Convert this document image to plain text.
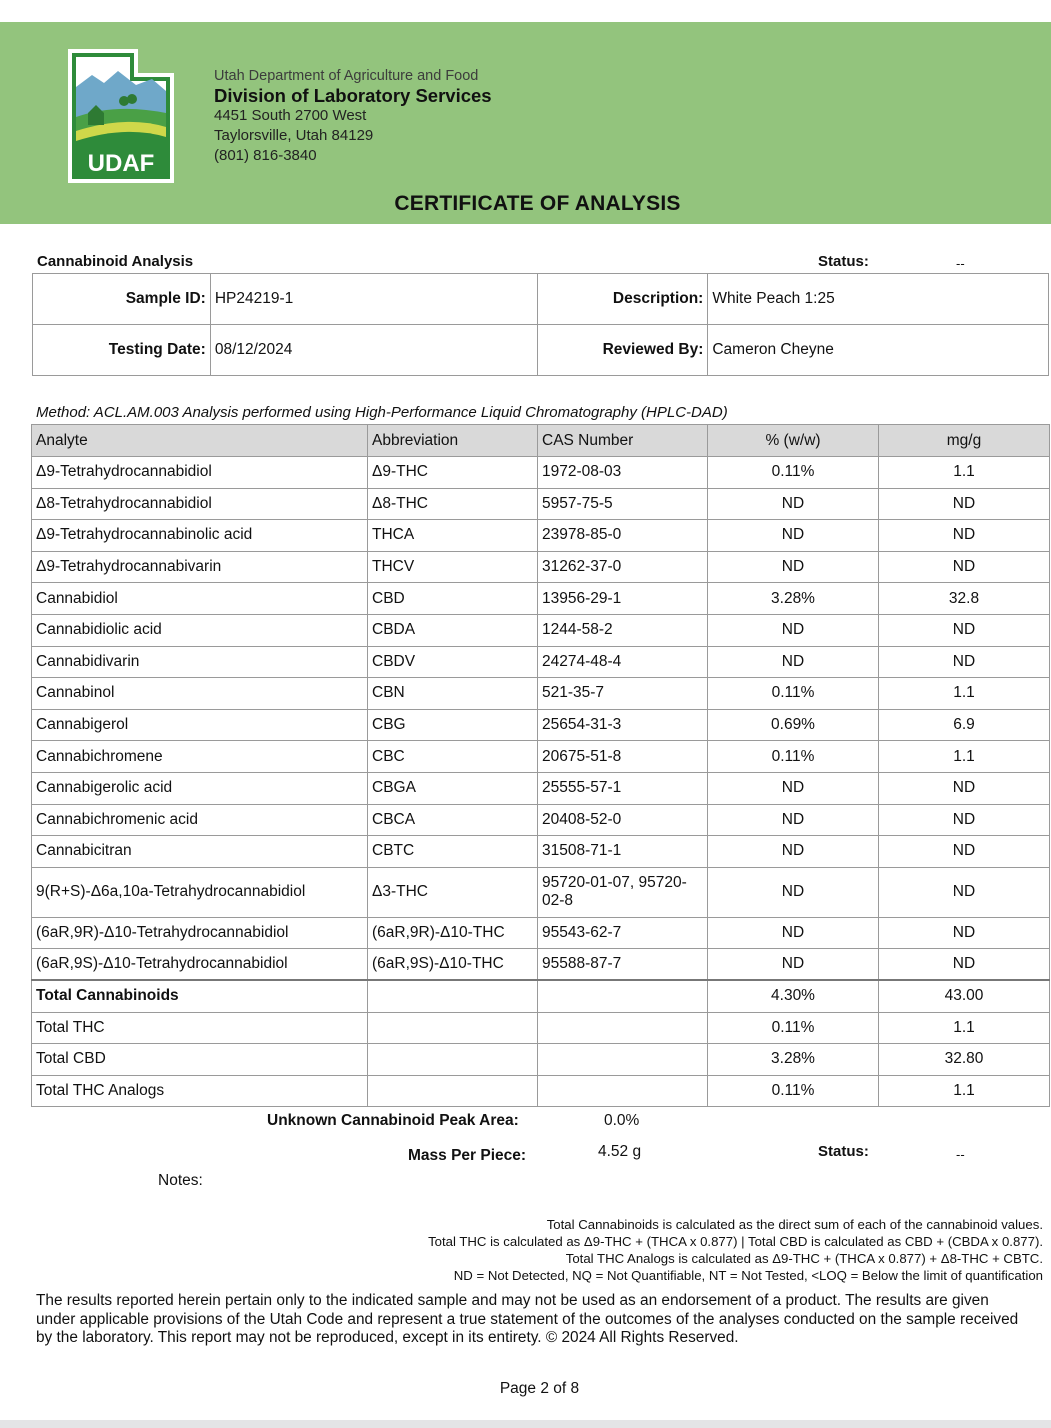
UDAF
Utah Department of Agriculture and Food
Division of Laboratory Services
4451 South 2700 West
Taylorsville, Utah 84129
(801) 816-3840
CERTIFICATE OF ANALYSIS
Cannabinoid Analysis	Status:	--
Sample ID:	HP24219-1	Description:	White Peach 1:25
Testing Date:	08/12/2024	Reviewed By:	Cameron Cheyne
Method: ACL.AM.003 Analysis performed using High-Performance Liquid Chromatography (HPLC-DAD)
Analyte	Abbreviation	CAS Number	% (w/w)	mg/g
Δ9-Tetrahydrocannabidiol	Δ9-THC	1972-08-03	0.11%	1.1
Δ8-Tetrahydrocannabidiol	Δ8-THC	5957-75-5	ND	ND
Δ9-Tetrahydrocannabinolic acid	THCA	23978-85-0	ND	ND
Δ9-Tetrahydrocannabivarin	THCV	31262-37-0	ND	ND
Cannabidiol	CBD	13956-29-1	3.28%	32.8
Cannabidiolic acid	CBDA	1244-58-2	ND	ND
Cannabidivarin	CBDV	24274-48-4	ND	ND
Cannabinol	CBN	521-35-7	0.11%	1.1
Cannabigerol	CBG	25654-31-3	0.69%	6.9
Cannabichromene	CBC	20675-51-8	0.11%	1.1
Cannabigerolic acid	CBGA	25555-57-1	ND	ND
Cannabichromenic acid	CBCA	20408-52-0	ND	ND
Cannabicitran	CBTC	31508-71-1	ND	ND
9(R+S)-Δ6a,10a-Tetrahydrocannabidiol	Δ3-THC	95720-01-07, 95720-02-8	ND	ND
(6aR,9R)-Δ10-Tetrahydrocannabidiol	(6aR,9R)-Δ10-THC	95543-62-7	ND	ND
(6aR,9S)-Δ10-Tetrahydrocannabidiol	(6aR,9S)-Δ10-THC	95588-87-7	ND	ND
Total Cannabinoids			4.30%	43.00
Total THC			0.11%	1.1
Total CBD			3.28%	32.80
Total THC Analogs			0.11%	1.1
Unknown Cannabinoid Peak Area:	0.0%
Mass Per Piece:	4.52 g	Status:	--
Notes:
Total Cannabinoids is calculated as the direct sum of each of the cannabinoid values.
Total THC is calculated as Δ9-THC + (THCA x 0.877) | Total CBD is calculated as CBD + (CBDA x 0.877).
Total THC Analogs is calculated as Δ9-THC + (THCA x 0.877) + Δ8-THC + CBTC.
ND = Not Detected, NQ = Not Quantifiable, NT = Not Tested, <LOQ = Below the limit of quantification
The results reported herein pertain only to the indicated sample and may not be used as an endorsement of a product. The results are given under applicable provisions of the Utah Code and represent a true statement of the outcomes of the analyses conducted on the sample received by the laboratory. This report may not be reproduced, except in its entirety. © 2024 All Rights Reserved.
Page 2 of 8
